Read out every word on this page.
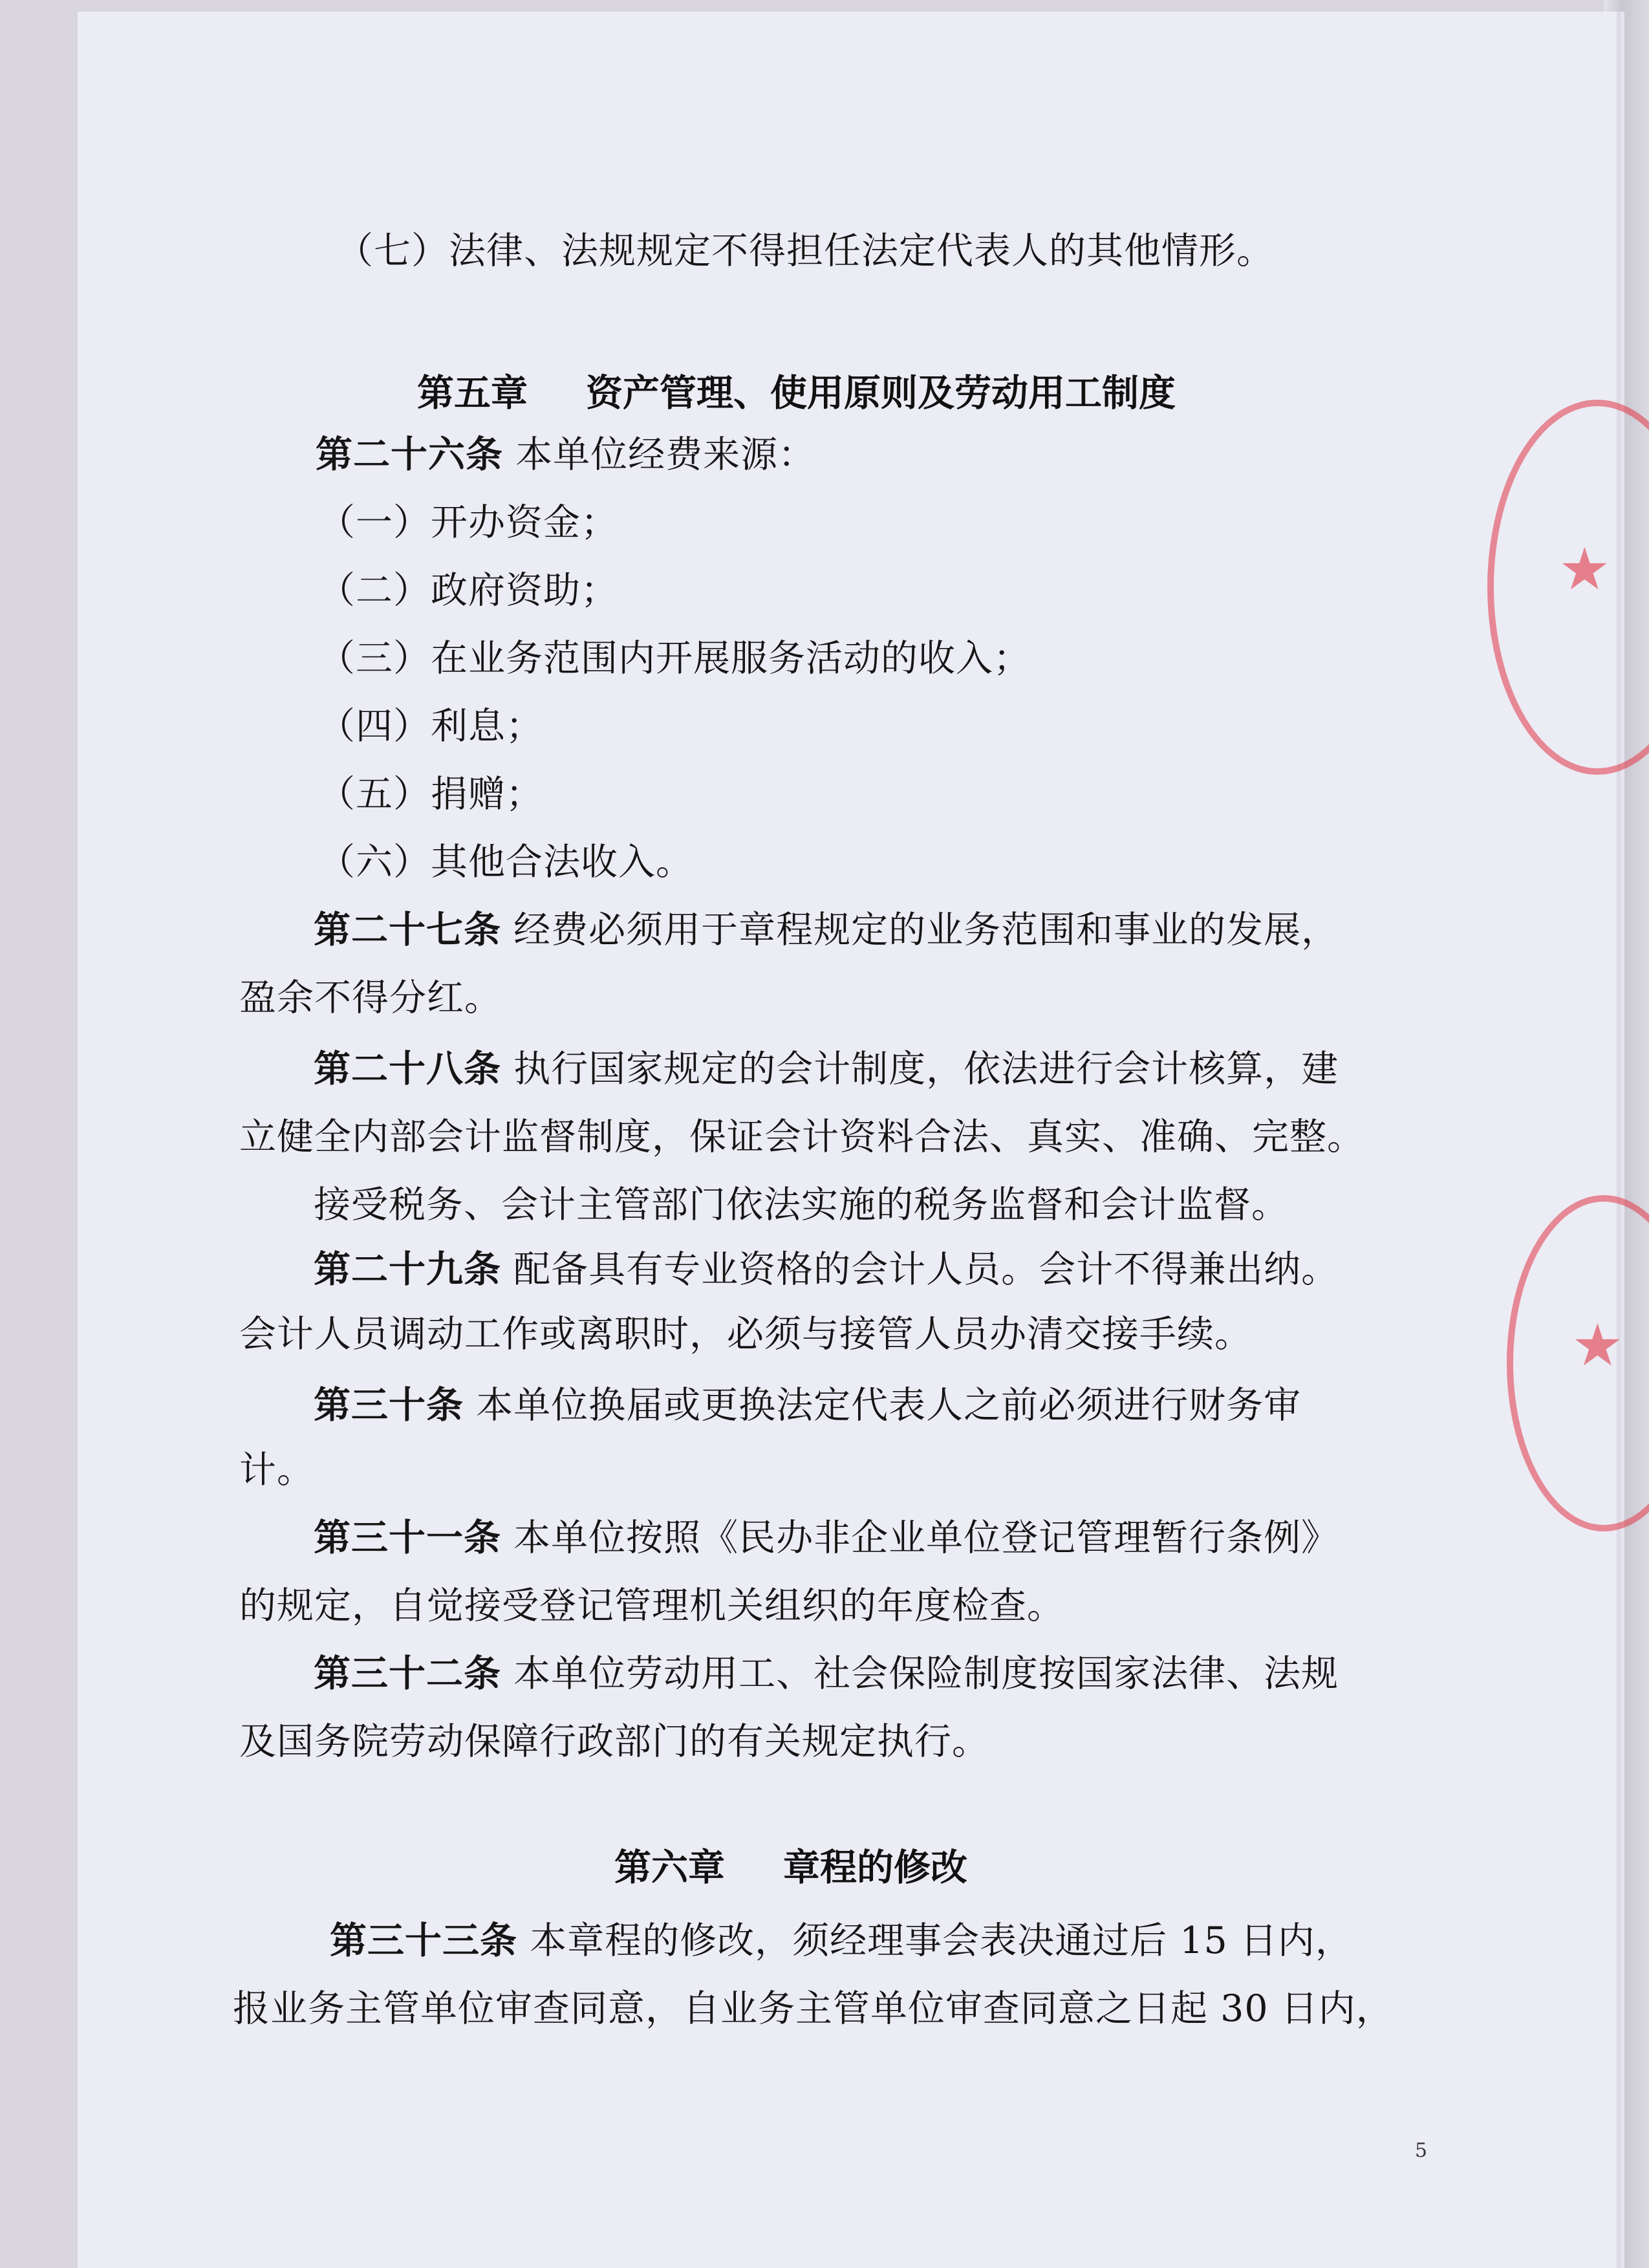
★
★
（七）法律、法规规定不得担任法定代表人的其他情形。
第五章 资产管理、使用原则及劳动用工制度
第二十六条 本单位经费来源：
（一）开办资金；
（二）政府资助；
（三）在业务范围内开展服务活动的收入；
（四）利息；
（五）捐赠；
（六）其他合法收入。
第二十七条 经费必须用于章程规定的业务范围和事业的发展，
盈余不得分红。
第二十八条 执行国家规定的会计制度，依法进行会计核算，建
立健全内部会计监督制度，保证会计资料合法、真实、准确、完整。
接受税务、会计主管部门依法实施的税务监督和会计监督。
第二十九条 配备具有专业资格的会计人员。会计不得兼出纳。
会计人员调动工作或离职时，必须与接管人员办清交接手续。
第三十条 本单位换届或更换法定代表人之前必须进行财务审
计。
第三十一条 本单位按照《民办非企业单位登记管理暂行条例》
的规定，自觉接受登记管理机关组织的年度检查。
第三十二条 本单位劳动用工、社会保险制度按国家法律、法规
及国务院劳动保障行政部门的有关规定执行。
第六章 章程的修改
第三十三条 本章程的修改，须经理事会表决通过后 15 日内，
报业务主管单位审查同意，自业务主管单位审查同意之日起 30 日内，
5
